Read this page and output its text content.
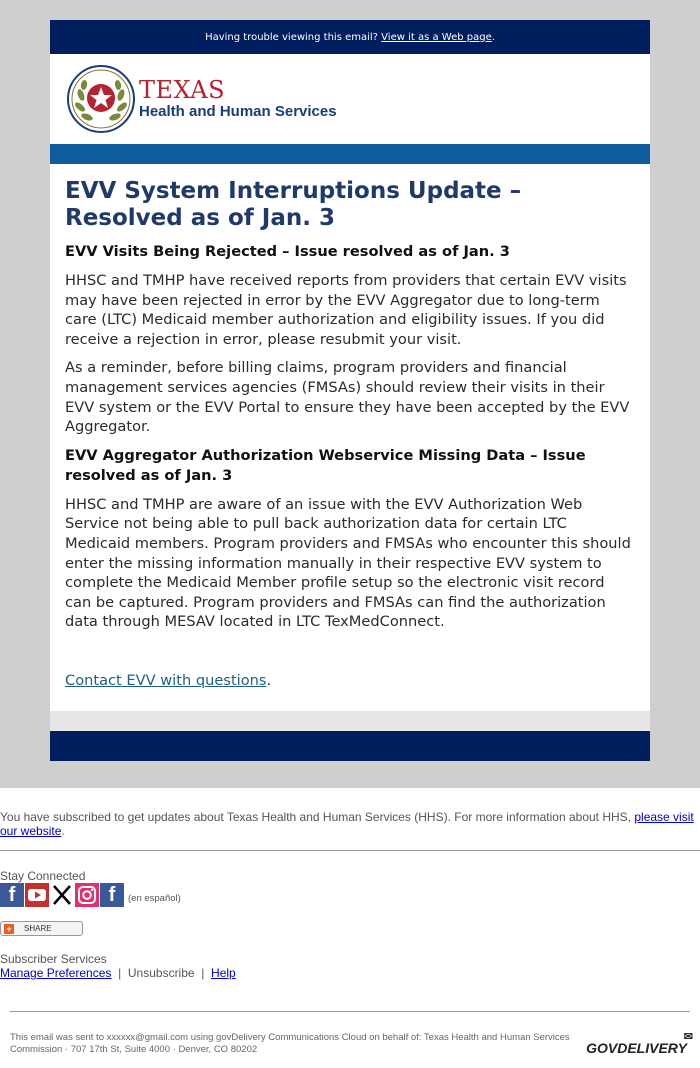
Having trouble viewing this email?
View it as a Web page .
TEXAS
Health and Human Services
EVV System Interruptions Update – Resolved as of Jan. 3
EVV Visits Being Rejected – Issue resolved as of Jan. 3

HHSC and TMHP have received reports from providers that certain EVV visits may have been rejected in error by the EVV Aggregator due to long-term care (LTC) Medicaid member authorization and eligibility issues. If you did receive a rejection in error, please resubmit your visit.

As a reminder, before billing claims, program providers and financial management services agencies (FMSAs) should review their visits in their EVV system or the EVV Portal to ensure they have been accepted by the EVV Aggregator.

EVV Aggregator Authorization Webservice Missing Data – Issue resolved as of Jan. 3

HHSC and TMHP are aware of an issue with the EVV Authorization Web Service not being able to pull back authorization data for certain LTC Medicaid members. Program providers and FMSAs who encounter this should enter the missing information manually in their respective EVV system to complete the Medicaid Member profile setup so the electronic visit record can be captured. Program providers and FMSAs can find the authorization data through MESAV located in LTC TexMedConnect.

Contact EVV with questions.
You have subscribed to get updates about Texas Health and Human Services (HHS). For more information about HHS, please visit our website.
Stay Connected
f	f	(en español)
+ SHARE
Subscriber Services
Manage Preferences | Unsubscribe | Help
This email was sent to xxxxxx@gmail.com using govDelivery Communications Cloud on behalf of: Texas Health and Human Services Commission · 707 17th St, Suite 4000 · Denver, CO 80202	GOVDELIVERY
✉
